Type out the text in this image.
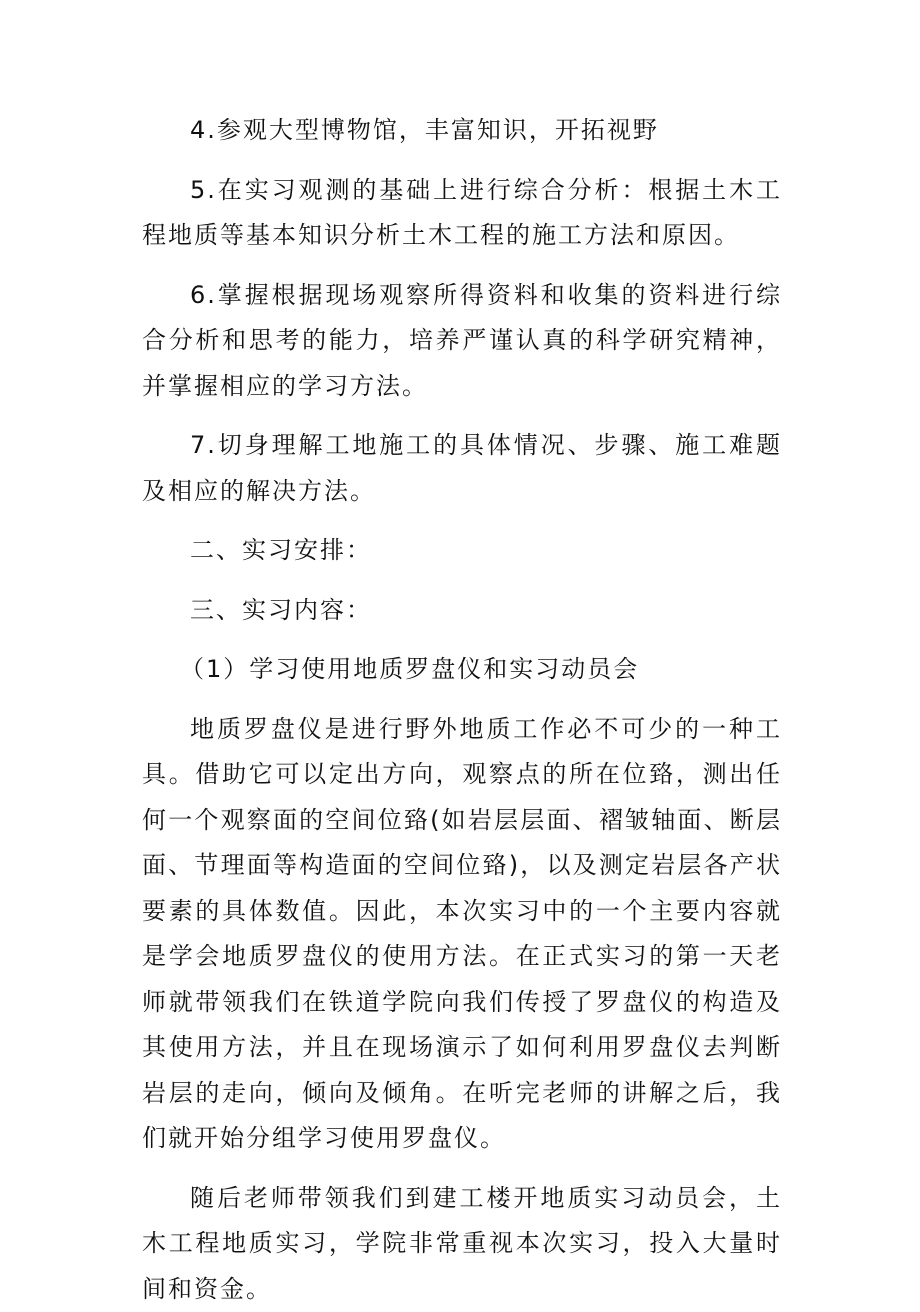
4.参观大型博物馆，丰富知识，开拓视野

5.在实习观测的基础上进行综合分析：根据土木工程地质等基本知识分析土木工程的施工方法和原因。

6.掌握根据现场观察所得资料和收集的资料进行综合分析和思考的能力，培养严谨认真的科学研究精神，并掌握相应的学习方法。

7.切身理解工地施工的具体情况、步骤、施工难题及相应的解决方法。

二、实习安排：

三、实习内容：

（1）学习使用地质罗盘仪和实习动员会

地质罗盘仪是进行野外地质工作必不可少的一种工具。借助它可以定出方向，观察点的所在位臵，测出任何一个观察面的空间位臵(如岩层层面、褶皱轴面、断层面、节理面等构造面的空间位臵)，以及测定岩层各产状要素的具体数值。因此，本次实习中的一个主要内容就是学会地质罗盘仪的使用方法。在正式实习的第一天老师就带领我们在铁道学院向我们传授了罗盘仪的构造及其使用方法，并且在现场演示了如何利用罗盘仪去判断岩层的走向，倾向及倾角。在听完老师的讲解之后，我们就开始分组学习使用罗盘仪。

随后老师带领我们到建工楼开地质实习动员会，土木工程地质实习，学院非常重视本次实习，投入大量时间和资金。
